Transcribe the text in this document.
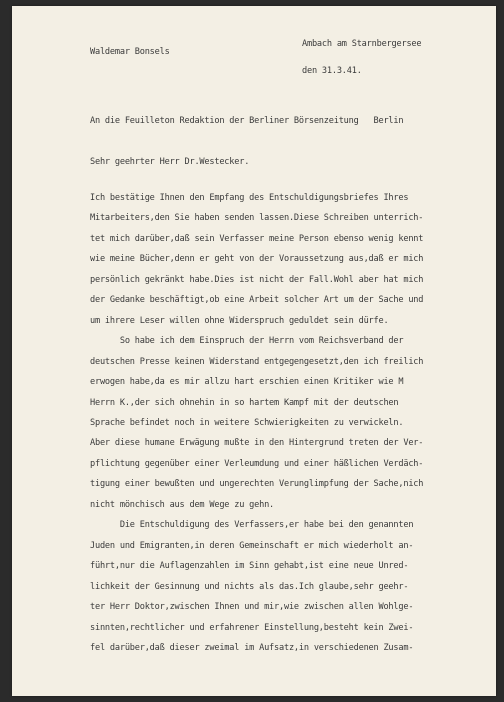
Waldemar Bonsels
Ambach am Starnbergersee
den 31.3.41.
An die Feuilleton Redaktion der Berliner Börsenzeitung   Berlin
Sehr geehrter Herr Dr.Westecker.
Ich bestätige Ihnen den Empfang des Entschuldigungsbriefes Ihres
Mitarbeiters,den Sie haben senden lassen.Diese Schreiben unterrich-
tet mich darüber,daß sein Verfasser meine Person ebenso wenig kennt
wie meine Bücher,denn er geht von der Voraussetzung aus,daß er mich
persönlich gekränkt habe.Dies ist nicht der Fall.Wohl aber hat mich
der Gedanke beschäftigt,ob eine Arbeit solcher Art um der Sache und
um ihrere Leser willen ohne Widerspruch geduldet sein dürfe.
So habe ich dem Einspruch der Herrn vom Reichsverband der
deutschen Presse keinen Widerstand entgegengesetzt,den ich freilich
erwogen habe,da es mir allzu hart erschien einen Kritiker wie M
Herrn K.,der sich ohnehin in so hartem Kampf mit der deutschen
Sprache befindet noch in weitere Schwierigkeiten zu verwickeln.
Aber diese humane Erwägung mußte in den Hintergrund treten der Ver-
pflichtung gegenüber einer Verleumdung und einer häßlichen Verdäch-
tigung einer bewußten und ungerechten Verunglimpfung der Sache,nich
nicht mönchisch aus dem Wege zu gehn.
Die Entschuldigung des Verfassers,er habe bei den genannten
Juden und Emigranten,in deren Gemeinschaft er mich wiederholt an-
führt,nur die Auflagenzahlen im Sinn gehabt,ist eine neue Unred-
lichkeit der Gesinnung und nichts als das.Ich glaube,sehr geehr-
ter Herr Doktor,zwischen Ihnen und mir,wie zwischen allen Wohlge-
sinnten,rechtlicher und erfahrener Einstellung,besteht kein Zwei-
fel darüber,daß dieser zweimal im Aufsatz,in verschiedenen Zusam-
